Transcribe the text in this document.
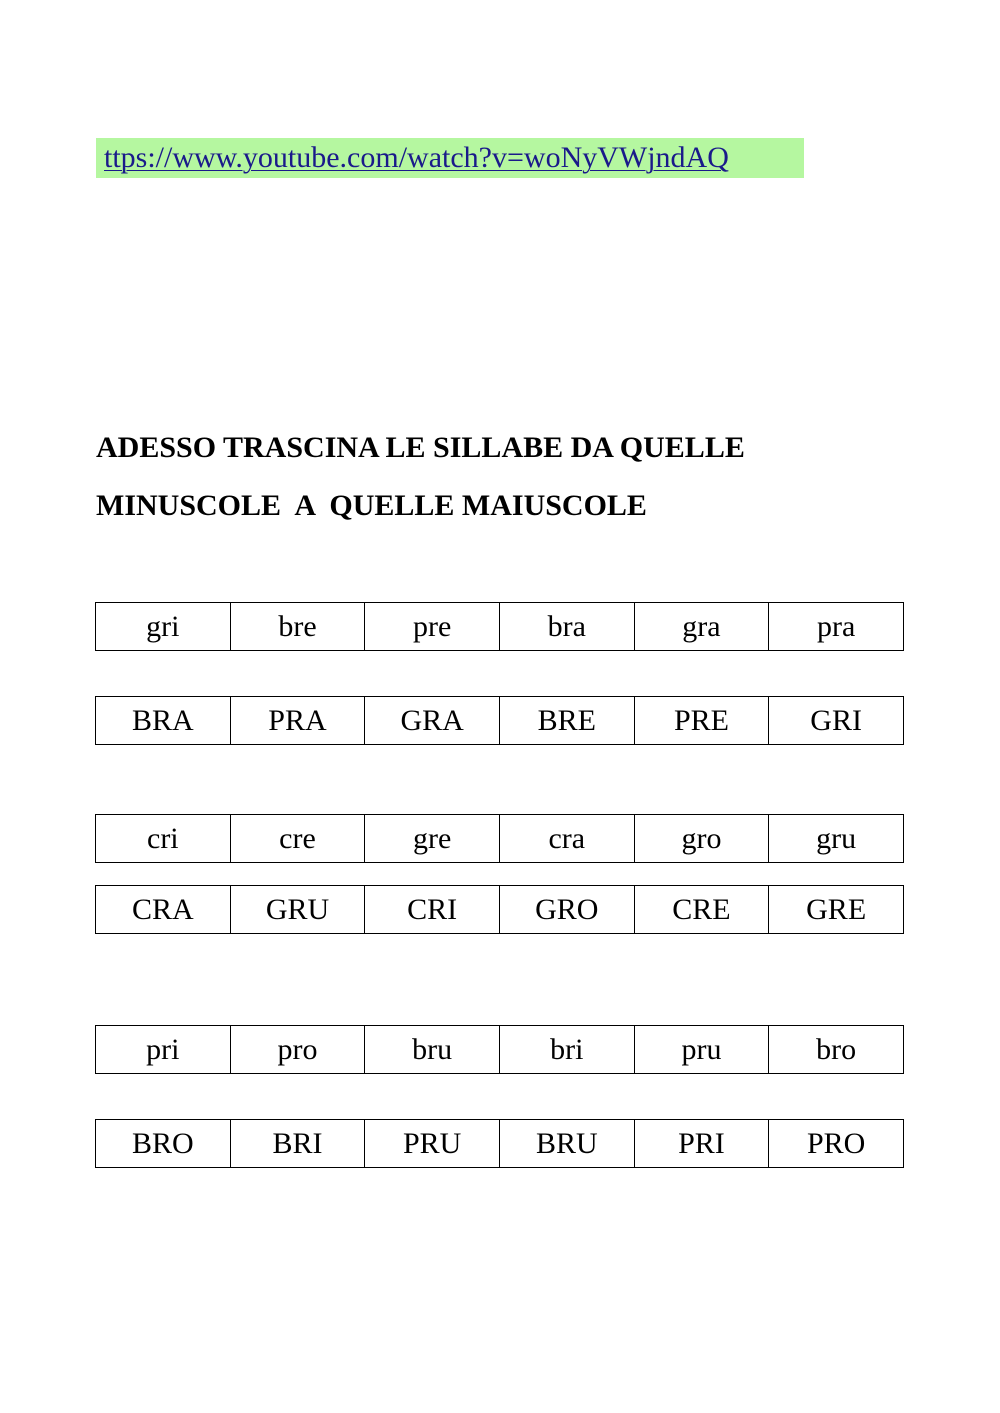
ttps://www.youtube.com/watch?v=woNyVWjndAQ
ADESSO TRASCINA LE SILLABE DA QUELLE
MINUSCOLE  A  QUELLE MAIUSCOLE
gri	bre	pre	bra	gra	pra
BRA	PRA	GRA	BRE	PRE	GRI
cri	cre	gre	cra	gro	gru
CRA	GRU	CRI	GRO	CRE	GRE
pri	pro	bru	bri	pru	bro
BRO	BRI	PRU	BRU	PRI	PRO
